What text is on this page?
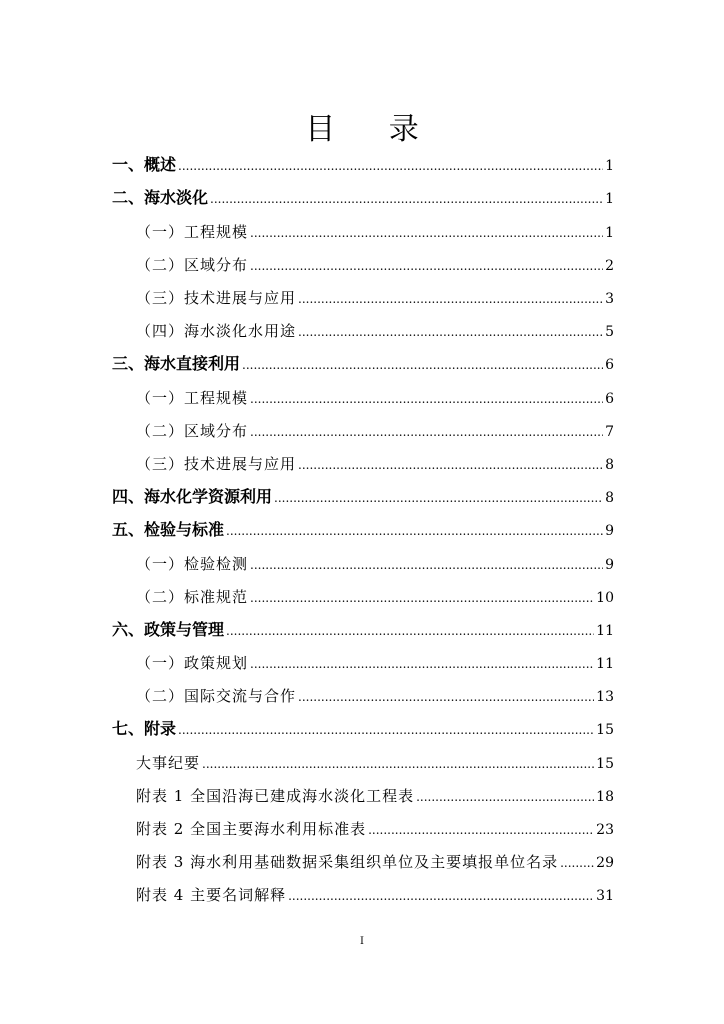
目 录
一、概述 .....	1
二、海水淡化 .....	1
（一）工程规模 .....	1
（二）区域分布 .....	2
（三）技术进展与应用 .....	3
（四）海水淡化水用途 .....	5
三、海水直接利用 .....	6
（一）工程规模 .....	6
（二）区域分布 .....	7
（三）技术进展与应用 .....	8
四、海水化学资源利用 .....	8
五、检验与标准 .....	9
（一）检验检测 .....	9
（二）标准规范 .....	10
六、政策与管理 .....	11
（一）政策规划 .....	11
（二）国际交流与合作 .....	13
七、附录 .....	15
大事纪要 .....	15
附表 1 全国沿海已建成海水淡化工程表 .....	18
附表 2 全国主要海水利用标准表 .....	23
附表 3 海水利用基础数据采集组织单位及主要填报单位名录 .....	29
附表 4 主要名词解释 .....	31
I
